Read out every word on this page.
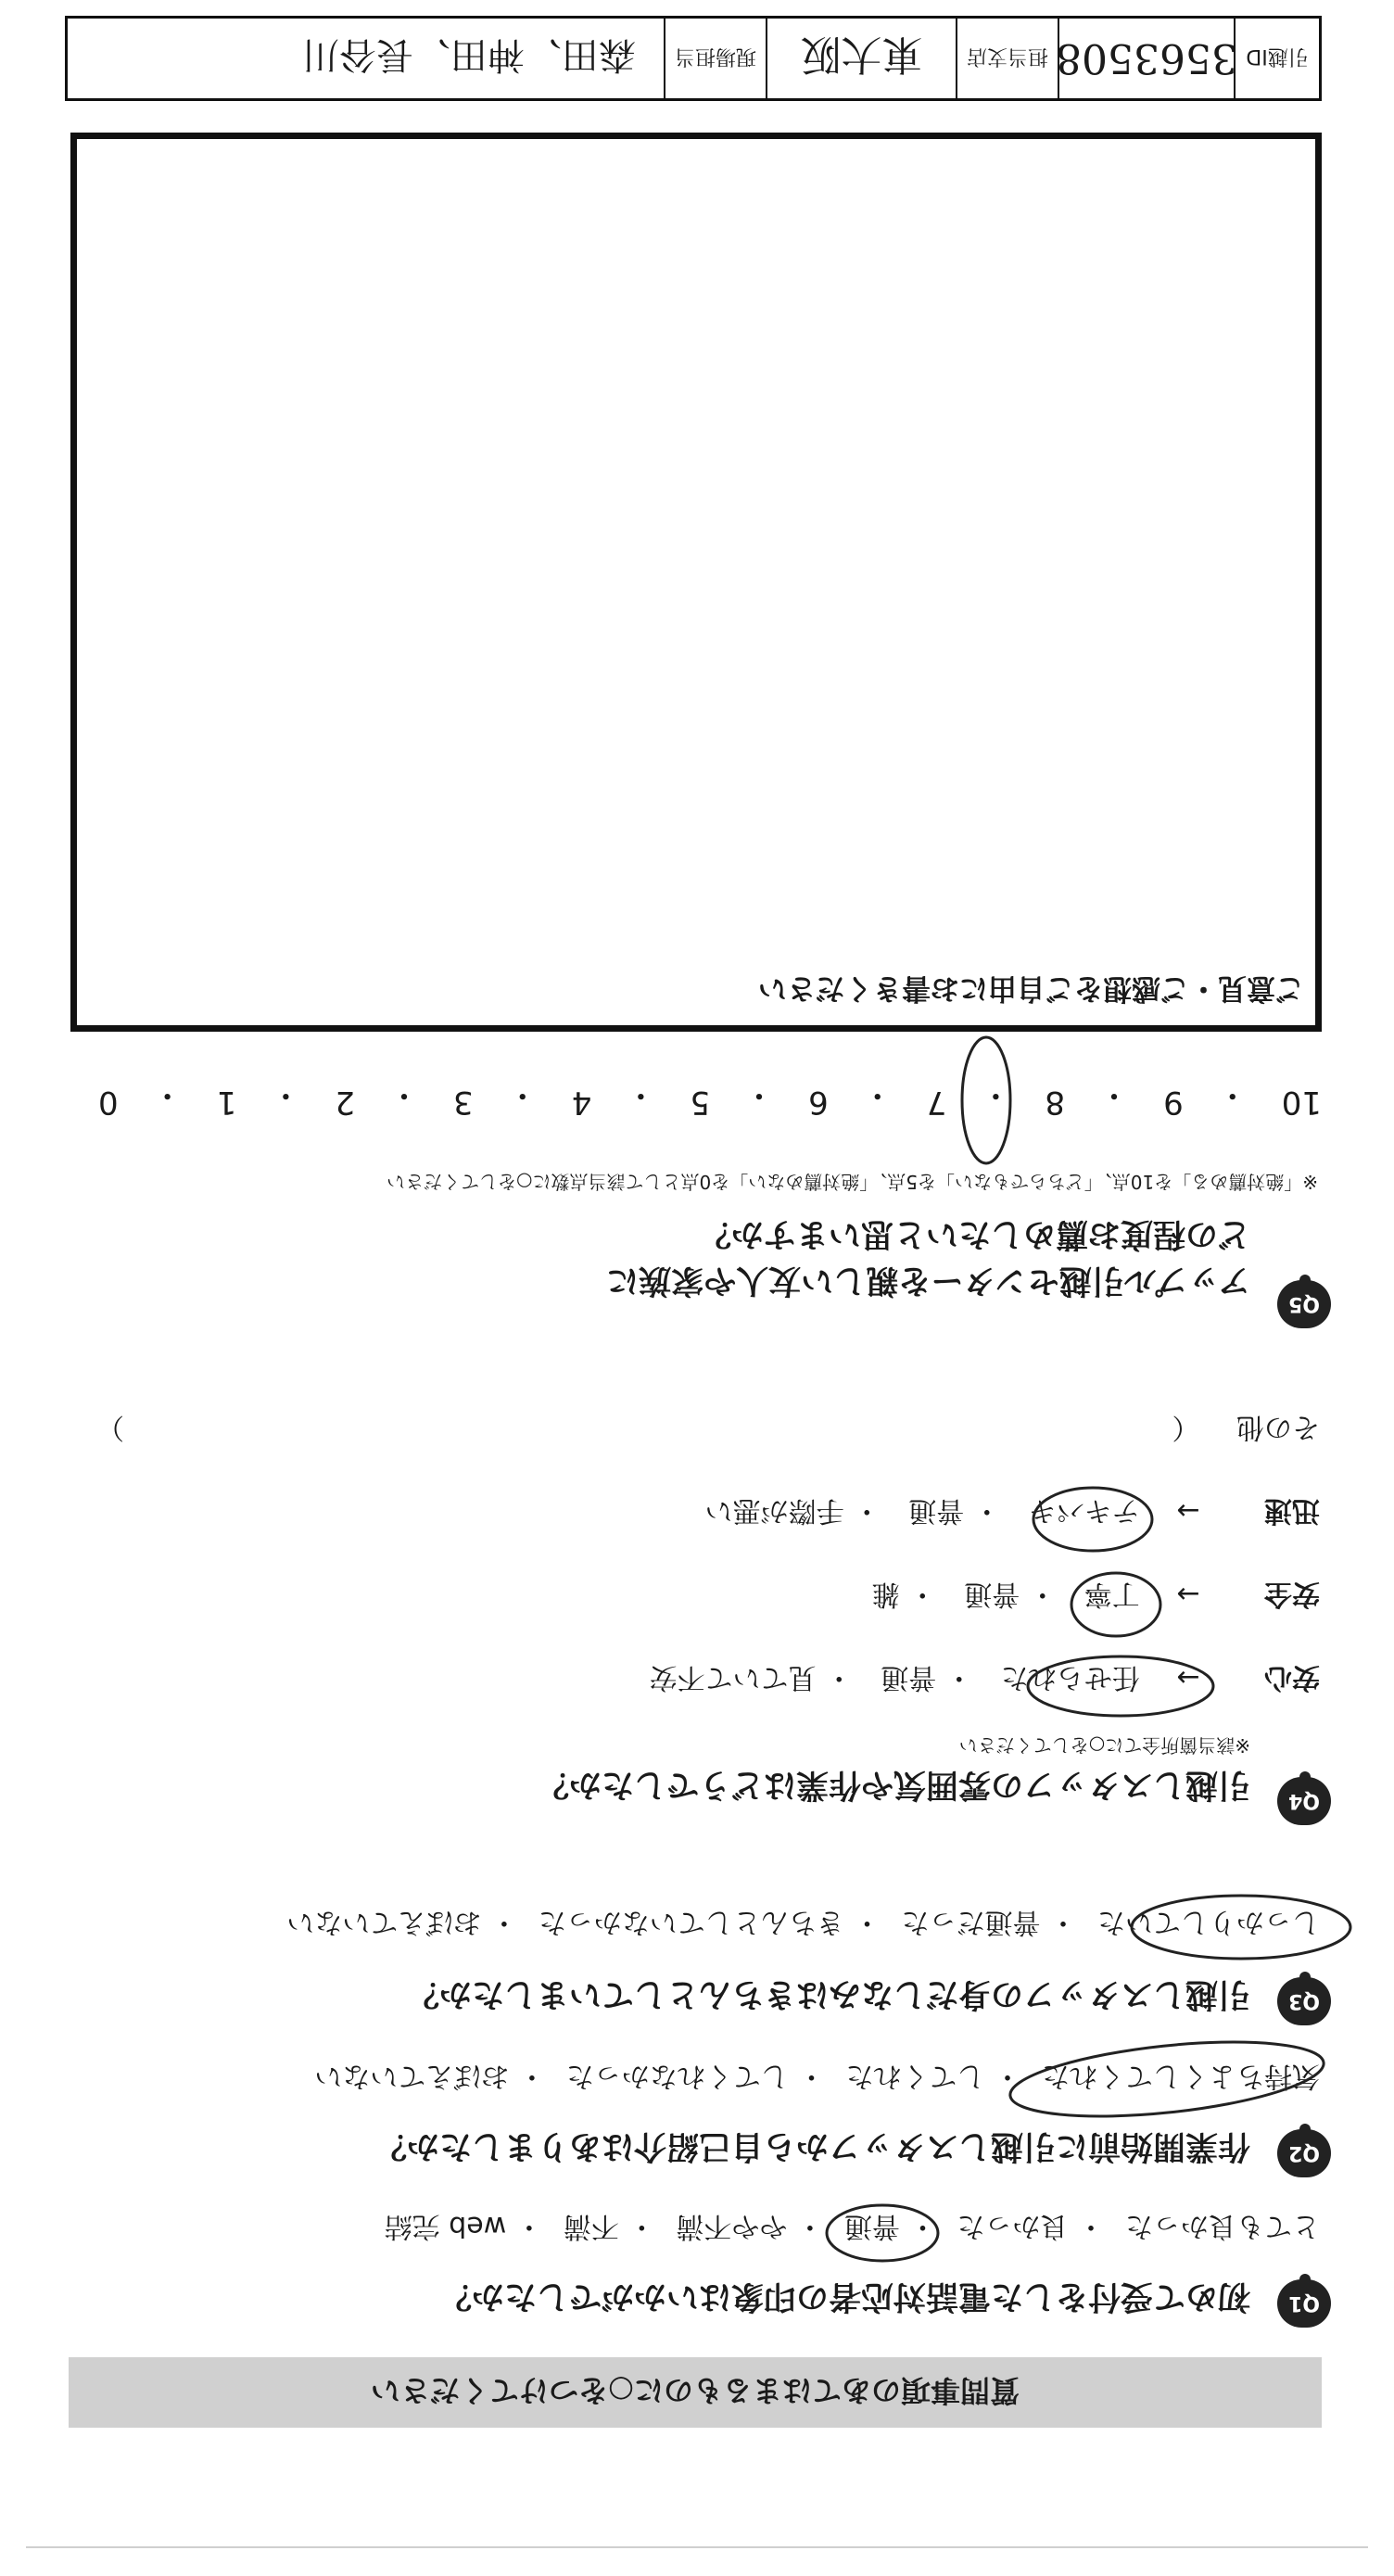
質問事項のあてはまるものに○をつけてください
Q1
初めて受付をした電話対応者の印象はいかがでしたか？
とても良かった・ 良かった・ 普通・ やや不満・ 不満・ web 完結
Q2
作業開始前に引越しスタッフから自己紹介はありましたか？
気持ちよくしてくれた・ してくれた・ してくれなかった・ おぼえていない
Q3
引越しスタッフの身だしなみはきちんとしていましたか？
しっかりしていた・ 普通だった・ きちんとしていなかった・ おぼえていない
Q4
引越しスタッフの雰囲気や作業はどうでしたか？
※該当箇所全てに○をしてください
安心 → 任せられた・ 普通・ 見ていて不安
安全 → 丁寧・ 普通・ 雑
迅速 → テキパキ・ 普通・ 手際が悪い
その他 （
）
Q5
アップル引越センターを親しい友人や家族に
どの程度お薦めしたいと思いますか？
※「絶対薦める」を10点、「どちらでもない」を5点、「絶対薦めない」を0点として該当点数に○をしてください
10
・
9
・
8
・
7
・
6
・
5
・
4
・
3
・
2
・
1
・
0
ご意見・ご感想をご自由にお書きください
引越ID
3563508
担当支店
東大阪
現場担当
森田、神田、長谷川
